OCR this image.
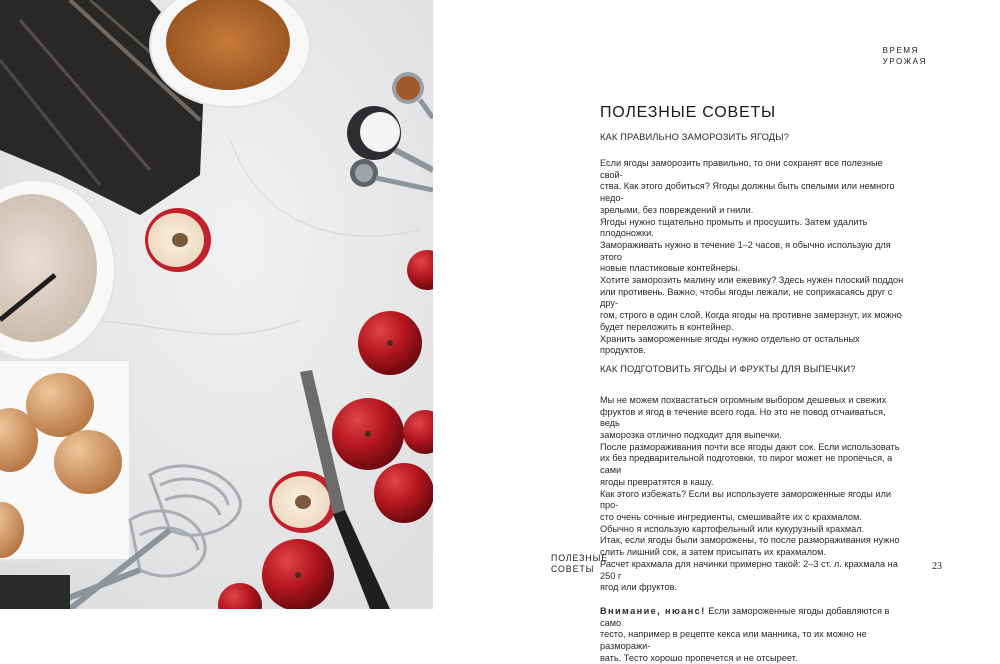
ВРЕМЯ
УРОЖАЯ
ПОЛЕЗНЫЕ СОВЕТЫ

КАК ПРАВИЛЬНО ЗАМОРОЗИТЬ ЯГОДЫ?

Если ягоды заморозить правильно, то они сохранят все полезные свой-

ства. Как этого добиться? Ягоды должны быть спелыми или немного недо-

зрелыми, без повреждений и гнили.

Ягоды нужно тщательно промыть и просушить. Затем удалить плодоножки.

Замораживать нужно в течение 1–2 часов, я обычно использую для этого

новые пластиковые контейнеры.

Хотите заморозить малину или ежевику? Здесь нужен плоский поддон

или противень. Важно, чтобы ягоды лежали, не соприкасаясь друг с дру-

гом, строго в один слой. Когда ягоды на противне замерзнут, их можно

будет переложить в контейнер.

Хранить замороженные ягоды нужно отдельно от остальных продуктов.

КАК ПОДГОТОВИТЬ ЯГОДЫ И ФРУКТЫ ДЛЯ ВЫПЕЧКИ?

Мы не можем похвастаться огромным выбором дешевых и свежих

фруктов и ягод в течение всего года. Но это не повод отчаиваться, ведь

заморозка отлично подходит для выпечки.

После размораживания почти все ягоды дают сок. Если использовать

их без предварительной подготовки, то пирог может не пропечься, а сами

ягоды превратятся в кашу.

Как этого избежать? Если вы используете замороженные ягоды или про-

сто очень сочные ингредиенты, смешивайте их с крахмалом.

Обычно я использую картофельный или кукурузный крахмал.

Итак, если ягоды были заморожены, то после размораживания нужно

слить лишний сок, а затем присыпать их крахмалом.

Расчет крахмала для начинки примерно такой: 2–3 ст. л. крахмала на 250 г

ягод или фруктов.

Внимание, нюанс! Если замороженные ягоды добавляются в само

тесто, например в рецепте кекса или манника, то их можно не разморажи-

вать. Тесто хорошо пропечется и не отсыреет.

ПОЛЕЗНЫЕ
СОВЕТЫ	23
